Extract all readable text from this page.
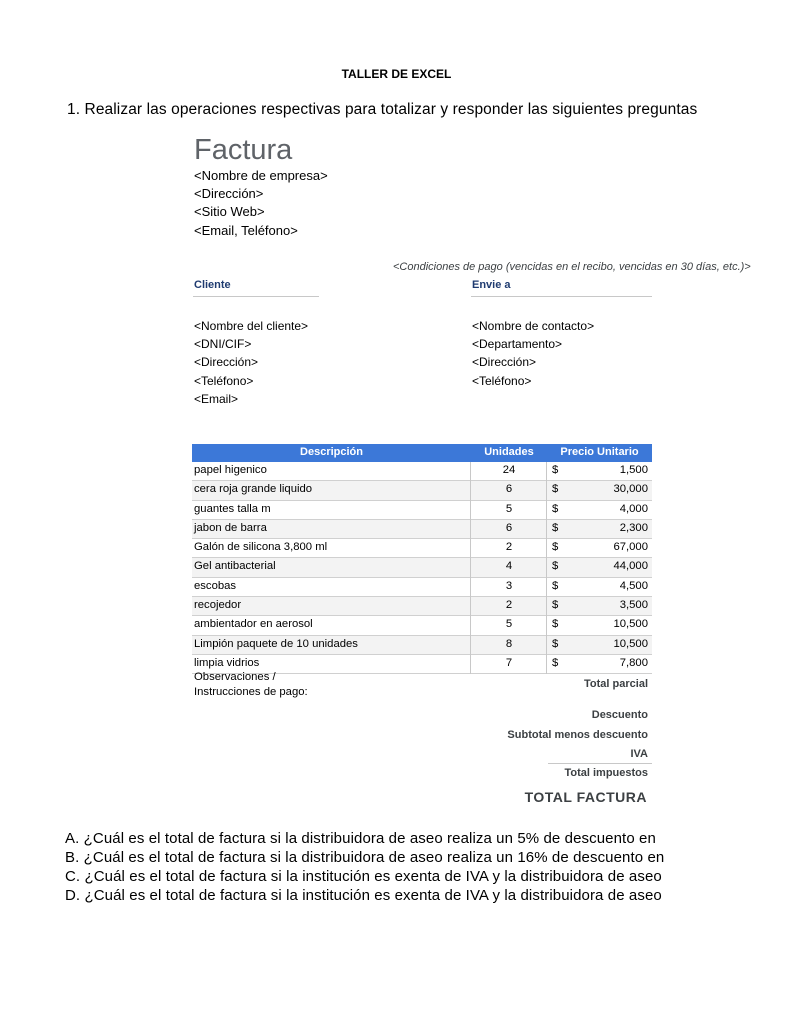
TALLER DE EXCEL
1. Realizar las operaciones respectivas para totalizar y responder las siguientes preguntas
Factura
<Nombre de empresa>
<Dirección>
<Sitio Web>
<Email, Teléfono>
<Condiciones de pago (vencidas en el recibo, vencidas en 30 días, etc.)>
Cliente
<Nombre del cliente>
<DNI/CIF>
<Dirección>
<Teléfono>
<Email>
Envie a
<Nombre de contacto>
<Departamento>
<Dirección>
<Teléfono>
Descripción	Unidades	Precio Unitario
papel higenico	24	$	1,500
cera roja grande liquido	6	$	30,000
guantes talla m	5	$	4,000
jabon de barra	6	$	2,300
Galón de silicona 3,800 ml	2	$	67,000
Gel antibacterial	4	$	44,000
escobas	3	$	4,500
recojedor	2	$	3,500
ambientador en aerosol	5	$	10,500
Limpión paquete de 10 unidades	8	$	10,500
limpia vidrios	7	$	7,800
Observaciones /
Instrucciones de pago:
Total parcial
Descuento
Subtotal menos descuento
IVA
Total impuestos
TOTAL FACTURA
A. ¿Cuál es el total de factura si la distribuidora de aseo realiza un 5% de descuento en
B. ¿Cuál es el total de factura si la distribuidora de aseo realiza un 16% de descuento en
C. ¿Cuál es el total de factura si la institución es exenta de IVA y la distribuidora de aseo
D. ¿Cuál es el total de factura si la institución es exenta de IVA y la distribuidora de aseo
